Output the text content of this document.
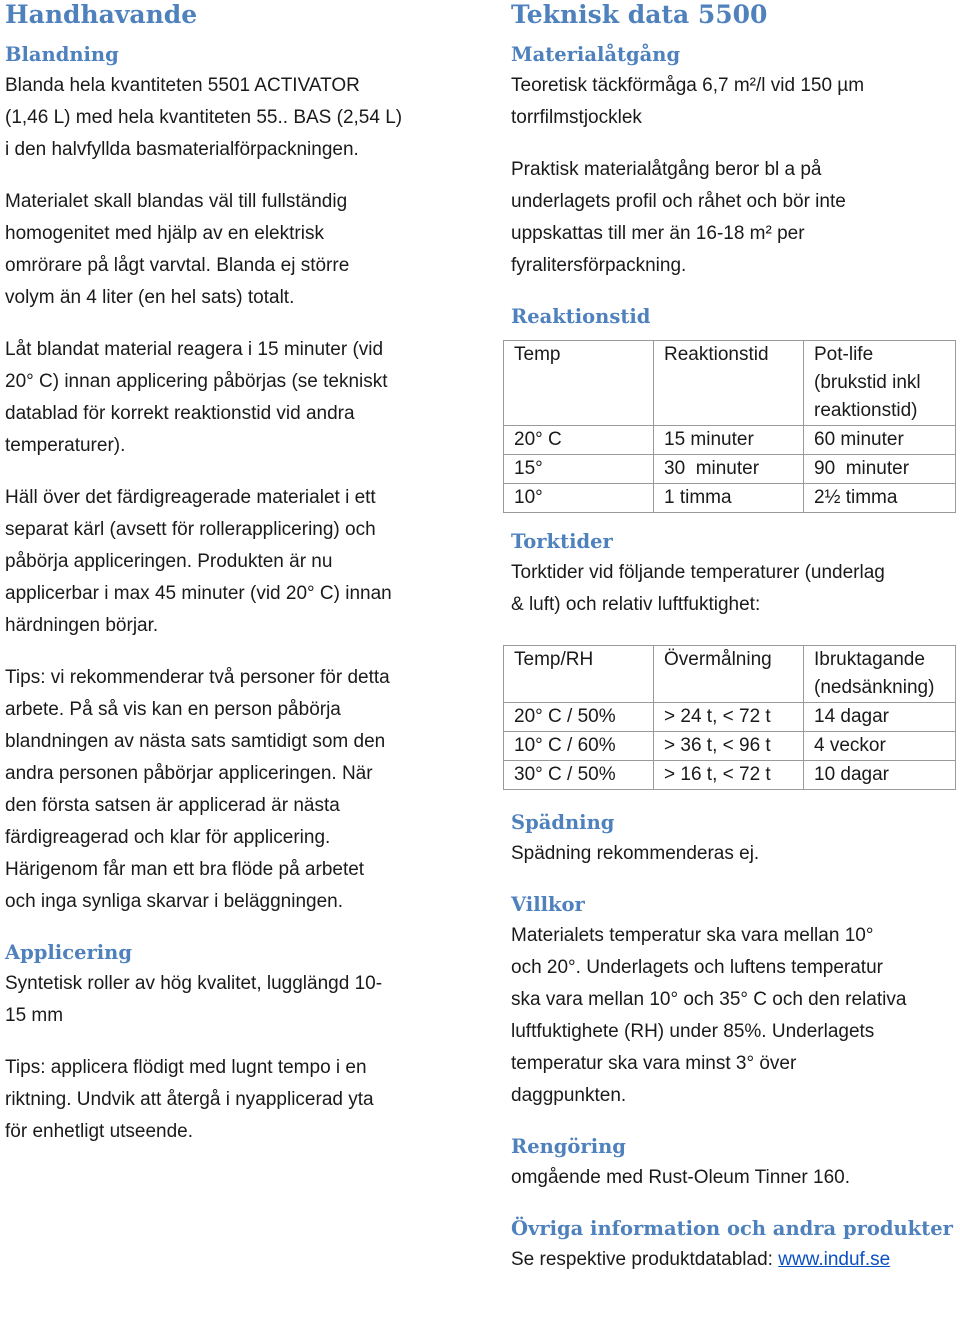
Handhavande
Blandning

Blanda hela kvantiteten 5501 ACTIVATOR
(1,46 L) med hela kvantiteten 55.. BAS (2,54 L)
i den halvfyllda basmaterialförpackningen.

Materialet skall blandas väl till fullständig
homogenitet med hjälp av en elektrisk
omrörare på lågt varvtal. Blanda ej större
volym än 4 liter (en hel sats) totalt.

Låt blandat material reagera i 15 minuter (vid
20° C) innan applicering påbörjas (se tekniskt
datablad för korrekt reaktionstid vid andra
temperaturer).

Häll över det färdigreagerade materialet i ett
separat kärl (avsett för rollerapplicering) och
påbörja appliceringen. Produkten är nu
applicerbar i max 45 minuter (vid 20° C) innan
härdningen börjar.

Tips: vi rekommenderar två personer för detta
arbete. På så vis kan en person påbörja
blandningen av nästa sats samtidigt som den
andra personen påbörjar appliceringen. När
den första satsen är applicerad är nästa
färdigreagerad och klar för applicering.
Härigenom får man ett bra flöde på arbetet
och inga synliga skarvar i beläggningen.

Applicering

Syntetisk roller av hög kvalitet, lugglängd 10-
15 mm

Tips: applicera flödigt med lugnt tempo i en
riktning. Undvik att återgå i nyapplicerad yta
för enhetligt utseende.

Teknisk data 5500
Materialåtgång

Teoretisk täckförmåga 6,7 m²/l vid 150 µm
torrfilmstjocklek

Praktisk materialåtgång beror bl a på
underlagets profil och råhet och bör inte
uppskattas till mer än 16-18 m² per
fyralitersförpackning.

Reaktionstid
Temp	Reaktionstid	Pot-life
(brukstid inkl
reaktionstid)
20° C	15 minuter	60 minuter
15°	30  minuter	90  minuter
10°	1 timma	2½ timma
Torktider

Torktider vid följande temperaturer (underlag
& luft) och relativ luftfuktighet:

Temp/RH	Övermålning	Ibruktagande
(nedsänkning)
20° C / 50%	> 24 t, < 72 t	14 dagar
10° C / 60%	> 36 t, < 96 t	4 veckor
30° C / 50%	> 16 t, < 72 t	10 dagar
Spädning

Spädning rekommenderas ej.

Villkor

Materialets temperatur ska vara mellan 10°
och 20°. Underlagets och luftens temperatur
ska vara mellan 10° och 35° C och den relativa
luftfuktighete (RH) under 85%. Underlagets
temperatur ska vara minst 3° över
daggpunkten.

Rengöring

omgående med Rust-Oleum Tinner 160.

Övriga information och andra produkter

Se respektive produktdatablad: www.induf.se
